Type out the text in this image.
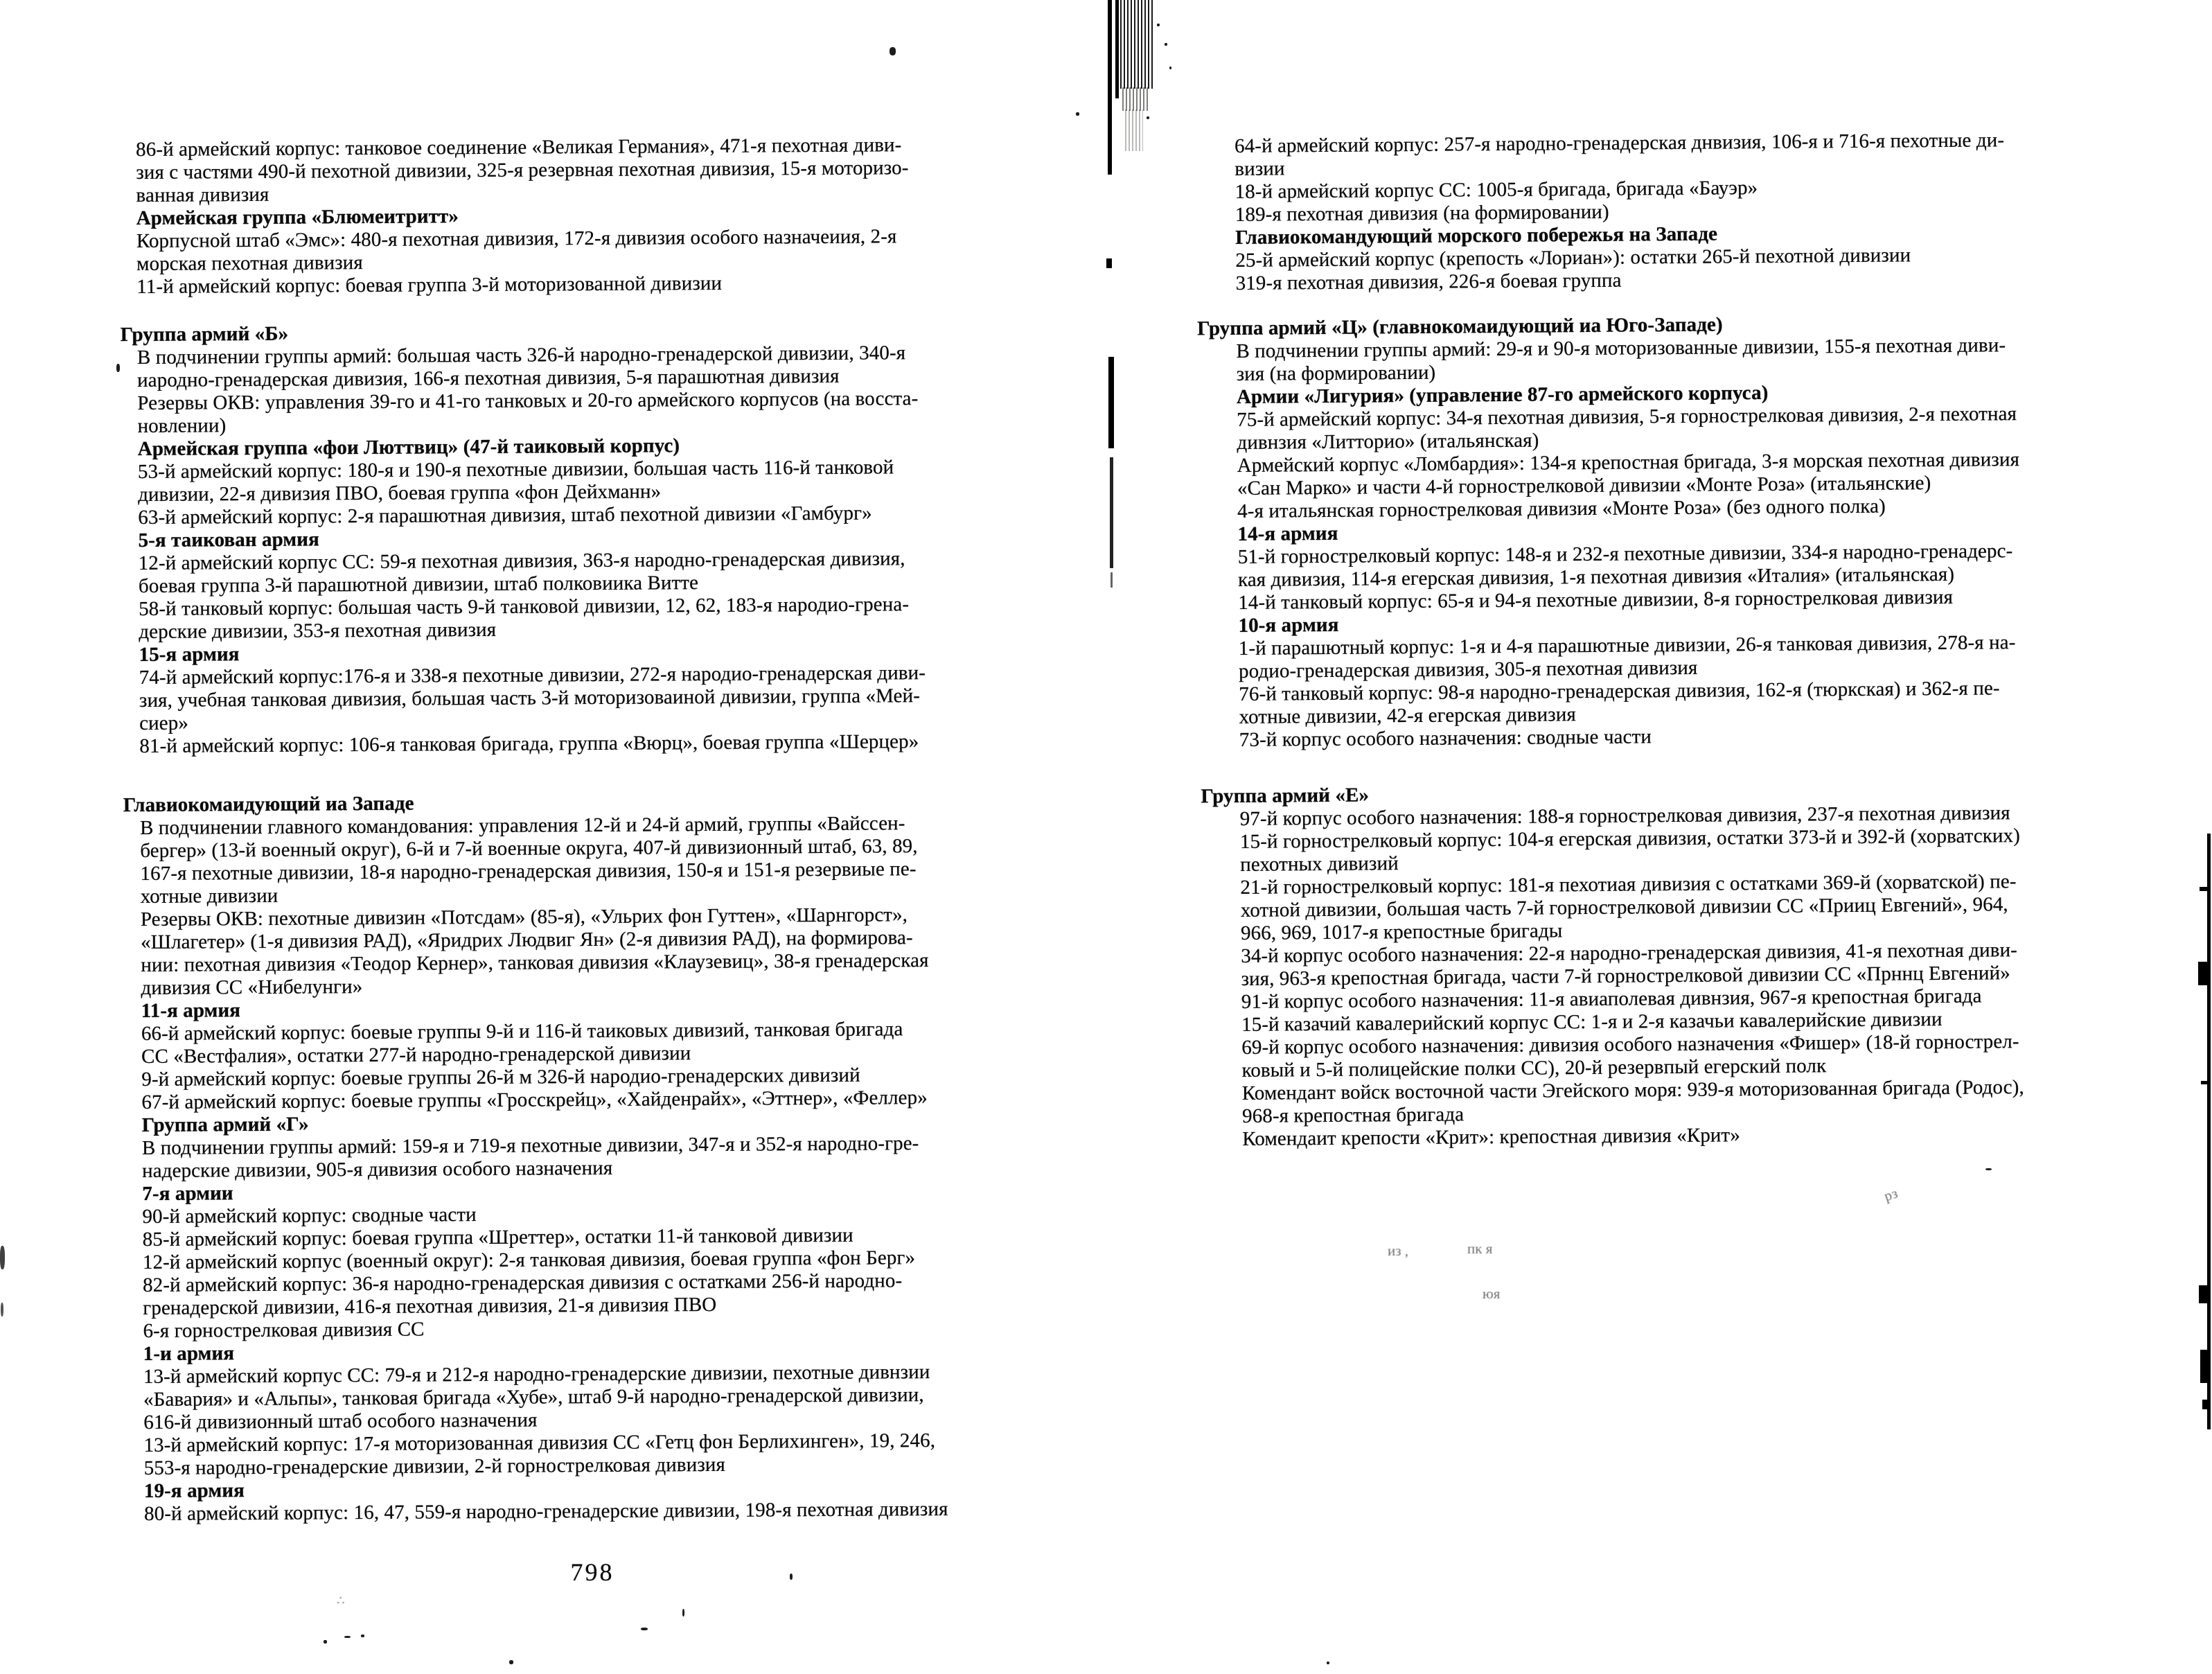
86-й армейский корпус: танковое соединение «Великая Германия», 471-я пехотная диви-
зия с частями 490-й пехотной дивизии, 325-я резервная пехотная дивизия, 15-я моторизо-
ванная дивизия
Армейская группа «Блюмеитритт»
Корпусной штаб «Эмс»: 480-я пехотная дивизия, 172-я дивизия особого назначеиия, 2-я
морская пехотная дивизия
11-й армейский корпус: боевая группа 3-й моторизованной дивизии
Группа армий «Б»
В подчинении группы армий: большая часть 326-й народно-гренадерской дивизии, 340-я
иародно-гренадерская дивизия, 166-я пехотная дивизия, 5-я парашютная дивизия
Резервы ОКВ: управления 39-го и 41-го танковых и 20-го армейского корпусов (на восста-
новлении)
Армейская группа «фои Люттвиц» (47-й таиковый корпус)
53-й армейский корпус: 180-я и 190-я пехотные дивизии, большая часть 116-й танковой
дивизии, 22-я дивизия ПВО, боевая группа «фон Дейхманн»
63-й армейский корпус: 2-я парашютная дивизия, штаб пехотной дивизии «Гамбург»
5-я таикован армия
12-й армейский корпус СС: 59-я пехотная дивизия, 363-я народно-гренадерская дивизия,
боевая группа 3-й парашютной дивизии, штаб полковиика Витте
58-й танковый корпус: большая часть 9-й танковой дивизии, 12, 62, 183-я народио-грена-
дерские дивизии, 353-я пехотная дивизия
15-я армия
74-й армейский корпус:176-я и 338-я пехотные дивизии, 272-я народио-гренадерская диви-
зия, учебная танковая дивизия, большая часть 3-й моторизоваиной дивизии, группа «Мей-
сиер»
81-й армейский корпус: 106-я танковая бригада, группа «Вюрц», боевая группа «Шерцер»
Главиокомаидующий иа Западе
В подчинении главного командования: управления 12-й и 24-й армий, группы «Вайссен-
бергер» (13-й военный округ), 6-й и 7-й военные округа, 407-й дивизионный штаб, 63, 89,
167-я пехотные дивизии, 18-я народно-гренадерская дивизия, 150-я и 151-я резервиые пе-
хотные дивизии
Резервы ОКВ: пехотные дивизин «Потсдам» (85-я), «Ульрих фон Гуттен», «Шарнгорст»,
«Шлагетер» (1-я дивизия РАД), «Яридрих Людвиг Ян» (2-я дивизия РАД), на формирова-
нии: пехотная дивизия «Теодор Кернер», танковая дивизия «Клаузевиц», 38-я гренадерская
дивизия СС «Нибелунги»
11-я армия
66-й армейский корпус: боевые группы 9-й и 116-й таиковых дивизий, танковая бригада
СС «Вестфалия», остатки 277-й народно-гренадерской дивизии
9-й армейский корпус: боевые группы 26-й м 326-й народио-гренадерских дивизий
67-й армейский корпус: боевые группы «Гросскрейц», «Хайденрайх», «Эттнер», «Феллер»
Группа армий «Г»
В подчинении группы армий: 159-я и 719-я пехотные дивизии, 347-я и 352-я народно-гре-
надерские дивизии, 905-я дивизия особого назначения
7-я армии
90-й армейский корпус: сводные части
85-й армейский корпус: боевая группа «Шреттер», остатки 11-й танковой дивизии
12-й армейский корпус (военный округ): 2-я танковая дивизия, боевая группа «фон Берг»
82-й армейский корпус: 36-я народно-гренадерская дивизия с остатками 256-й народно-
гренадерской дивизии, 416-я пехотная дивизия, 21-я дивизия ПВО
6-я горнострелковая дивизия СС
1-и армия
13-й армейский корпус СС: 79-я и 212-я народно-гренадерские дивизии, пехотные дивнзии
«Бавария» и «Альпы», танковая бригада «Хубе», штаб 9-й народно-гренадерской дивизии,
616-й дивизионный штаб особого назначения
13-й армейский корпус: 17-я моторизованная дивизия СС «Гетц фон Берлихинген», 19, 246,
553-я народно-гренадерские дивизии, 2-й горнострелковая дивизия
19-я армия
80-й армейский корпус: 16, 47, 559-я народно-гренадерские дивизии, 198-я пехотная дивизия
64-й армейский корпус: 257-я народно-гренадерская днвизия, 106-я и 716-я пехотные ди-
визии
18-й армейский корпус СС: 1005-я бригада, бригада «Бауэр»
189-я пехотная дивизия (на формировании)
Главиокомандующий морского побережья на Западе
25-й армейский корпус (крепость «Лориан»): остатки 265-й пехотной дивизии
319-я пехотная дивизия, 226-я боевая группа
Группа армий «Ц» (главнокомаидующий иа Юго-Западе)
В подчинении группы армий: 29-я и 90-я моторизованные дивизии, 155-я пехотная диви-
зия (на формировании)
Армии «Лигурия» (управление 87-го армейского корпуса)
75-й армейский корпус: 34-я пехотная дивизия, 5-я горнострелковая дивизия, 2-я пехотная
дивнзия «Литторио» (итальянская)
Армейский корпус «Ломбардия»: 134-я крепостная бригада, 3-я морская пехотная дивизия
«Сан Марко» и части 4-й горнострелковой дивизии «Монте Роза» (итальянские)
4-я итальянская горнострелковая дивизия «Монте Роза» (без одного полка)
14-я армия
51-й горнострелковый корпус: 148-я и 232-я пехотные дивизии, 334-я народно-гренадерс-
кая дивизия, 114-я егерская дивизия, 1-я пехотная дивизия «Италия» (итальянская)
14-й танковый корпус: 65-я и 94-я пехотные дивизии, 8-я горнострелковая дивизия
10-я армия
1-й парашютный корпус: 1-я и 4-я парашютные дивизии, 26-я танковая дивизия, 278-я на-
родио-гренадерская дивизия, 305-я пехотная дивизия
76-й танковый корпус: 98-я народно-гренадерская дивизия, 162-я (тюркская) и 362-я пе-
хотные дивизии, 42-я егерская дивизия
73-й корпус особого назначения: сводные части
Группа армий «Е»
97-й корпус особого назначения: 188-я горнострелковая дивизия, 237-я пехотная дивизия
15-й горнострелковый корпус: 104-я егерская дивизия, остатки 373-й и 392-й (хорватских)
пехотных дивизий
21-й горнострелковый корпус: 181-я пехотиая дивизия с остатками 369-й (хорватской) пе-
хотной дивизии, большая часть 7-й горнострелковой дивизии СС «Прииц Евгений», 964,
966, 969, 1017-я крепостные бригады
34-й корпус особого назначения: 22-я народно-гренадерская дивизия, 41-я пехотная диви-
зия, 963-я крепостная бригада, части 7-й горнострелковой дивизии СС «Прннц Евгений»
91-й корпус особого назначения: 11-я авиаполевая дивнзия, 967-я крепостная бригада
15-й казачий кавалерийский корпус СС: 1-я и 2-я казачьи кавалерийские дивизии
69-й корпус особого назначения: дивизия особого назначения «Фишер» (18-й горнострел-
ковый и 5-й полицейские полки СС), 20-й резервпый егерский полк
Комендант войск восточной части Эгейского моря: 939-я моторизованная бригада (Родос),
968-я крепостная бригада
Комендаит крепости «Крит»: крепостная дивизия «Крит»
798
из ,	пк я
юя
рз
∴
